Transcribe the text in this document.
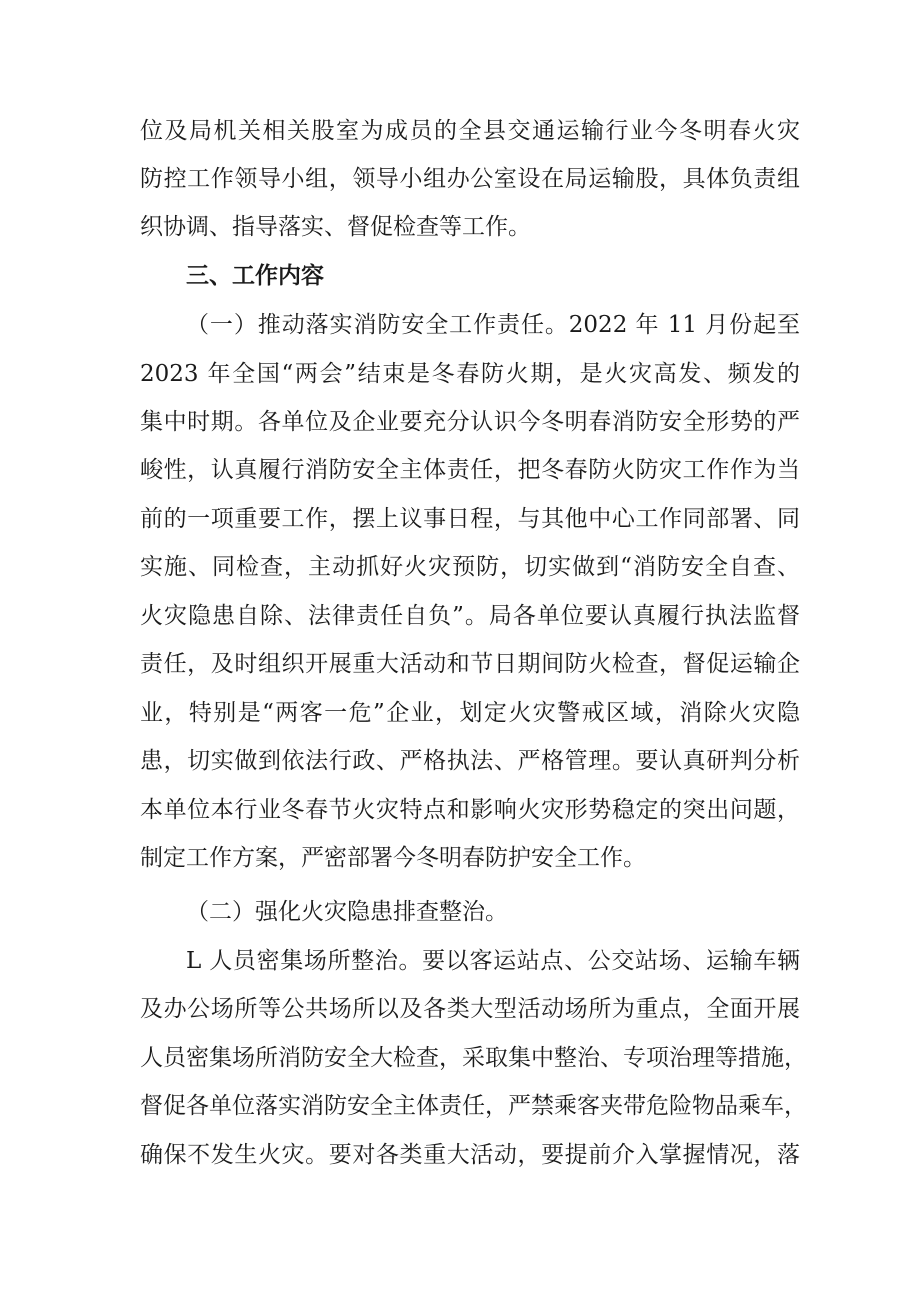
位及局机关相关股室为成员的全县交通运输行业今冬明春火灾

防控工作领导小组，领导小组办公室设在局运输股，具体负责组

织协调、指导落实、督促检查等工作。

三、工作内容

（一）推动落实消防安全工作责任。2022 年 11 月份起至

2023 年全国“两会”结束是冬春防火期，是火灾高发、频发的

集中时期。各单位及企业要充分认识今冬明春消防安全形势的严

峻性，认真履行消防安全主体责任，把冬春防火防灾工作作为当

前的一项重要工作，摆上议事日程，与其他中心工作同部署、同

实施、同检查，主动抓好火灾预防，切实做到“消防安全自查、

火灾隐患自除、法律责任自负”。局各单位要认真履行执法监督

责任，及时组织开展重大活动和节日期间防火检查，督促运输企

业，特别是“两客一危”企业，划定火灾警戒区域，消除火灾隐

患，切实做到依法行政、严格执法、严格管理。要认真研判分析

本单位本行业冬春节火灾特点和影响火灾形势稳定的突出问题，

制定工作方案，严密部署今冬明春防护安全工作。

（二）强化火灾隐患排查整治。

L 人员密集场所整治。要以客运站点、公交站场、运输车辆

及办公场所等公共场所以及各类大型活动场所为重点，全面开展

人员密集场所消防安全大检查，采取集中整治、专项治理等措施，

督促各单位落实消防安全主体责任，严禁乘客夹带危险物品乘车，

确保不发生火灾。要对各类重大活动，要提前介入掌握情况，落
